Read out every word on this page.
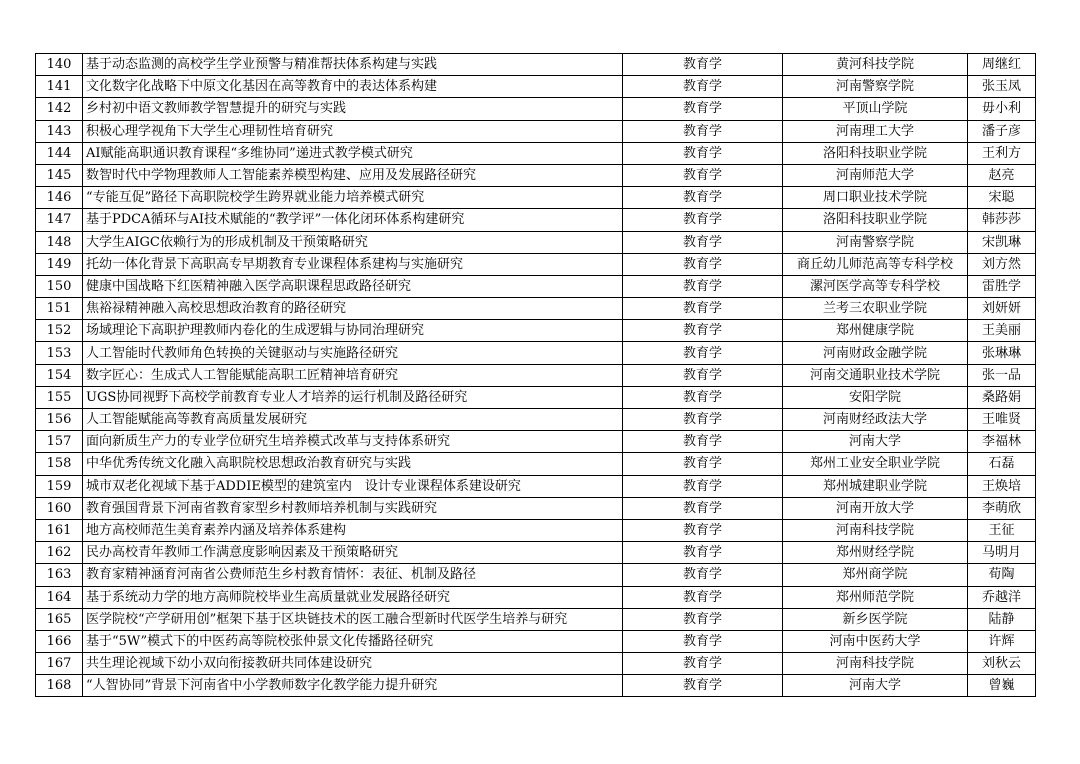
140	基于动态监测的高校学生学业预警与精准帮扶体系构建与实践	教育学	黄河科技学院	周继红
141	文化数字化战略下中原文化基因在高等教育中的表达体系构建	教育学	河南警察学院	张玉凤
142	乡村初中语文教师教学智慧提升的研究与实践	教育学	平顶山学院	毋小利
143	积极心理学视角下大学生心理韧性培育研究	教育学	河南理工大学	潘子彦
144	AI赋能高职通识教育课程“多维协同”递进式教学模式研究	教育学	洛阳科技职业学院	王利方
145	数智时代中学物理教师人工智能素养模型构建、应用及发展路径研究	教育学	河南师范大学	赵亮
146	“专能互促”路径下高职院校学生跨界就业能力培养模式研究	教育学	周口职业技术学院	宋聪
147	基于PDCA循环与AI技术赋能的“教学评”一体化闭环体系构建研究	教育学	洛阳科技职业学院	韩莎莎
148	大学生AIGC依赖行为的形成机制及干预策略研究	教育学	河南警察学院	宋凯琳
149	托幼一体化背景下高职高专早期教育专业课程体系建构与实施研究	教育学	商丘幼儿师范高等专科学校	刘方然
150	健康中国战略下红医精神融入医学高职课程思政路径研究	教育学	漯河医学高等专科学校	雷胜学
151	焦裕禄精神融入高校思想政治教育的路径研究	教育学	兰考三农职业学院	刘妍妍
152	场域理论下高职护理教师内卷化的生成逻辑与协同治理研究	教育学	郑州健康学院	王美丽
153	人工智能时代教师角色转换的关键驱动与实施路径研究	教育学	河南财政金融学院	张琳琳
154	数字匠心：生成式人工智能赋能高职工匠精神培育研究	教育学	河南交通职业技术学院	张一品
155	UGS协同视野下高校学前教育专业人才培养的运行机制及路径研究	教育学	安阳学院	桑路娟
156	人工智能赋能高等教育高质量发展研究	教育学	河南财经政法大学	王唯贤
157	面向新质生产力的专业学位研究生培养模式改革与支持体系研究	教育学	河南大学	李福林
158	中华优秀传统文化融入高职院校思想政治教育研究与实践	教育学	郑州工业安全职业学院	石磊
159	城市双老化视域下基于ADDIE模型的建筑室内　设计专业课程体系建设研究	教育学	郑州城建职业学院	王焕培
160	教育强国背景下河南省教育家型乡村教师培养机制与实践研究	教育学	河南开放大学	李萌欣
161	地方高校师范生美育素养内涵及培养体系建构	教育学	河南科技学院	王征
162	民办高校青年教师工作满意度影响因素及干预策略研究	教育学	郑州财经学院	马明月
163	教育家精神涵育河南省公费师范生乡村教育情怀：表征、机制及路径	教育学	郑州商学院	荀陶
164	基于系统动力学的地方高师院校毕业生高质量就业发展路径研究	教育学	郑州师范学院	乔越洋
165	医学院校“产学研用创”框架下基于区块链技术的医工融合型新时代医学生培养与研究	教育学	新乡医学院	陆静
166	基于“5W”模式下的中医药高等院校张仲景文化传播路径研究	教育学	河南中医药大学	许辉
167	共生理论视域下幼小双向衔接教研共同体建设研究	教育学	河南科技学院	刘秋云
168	“人智协同”背景下河南省中小学教师数字化教学能力提升研究	教育学	河南大学	曾巍
